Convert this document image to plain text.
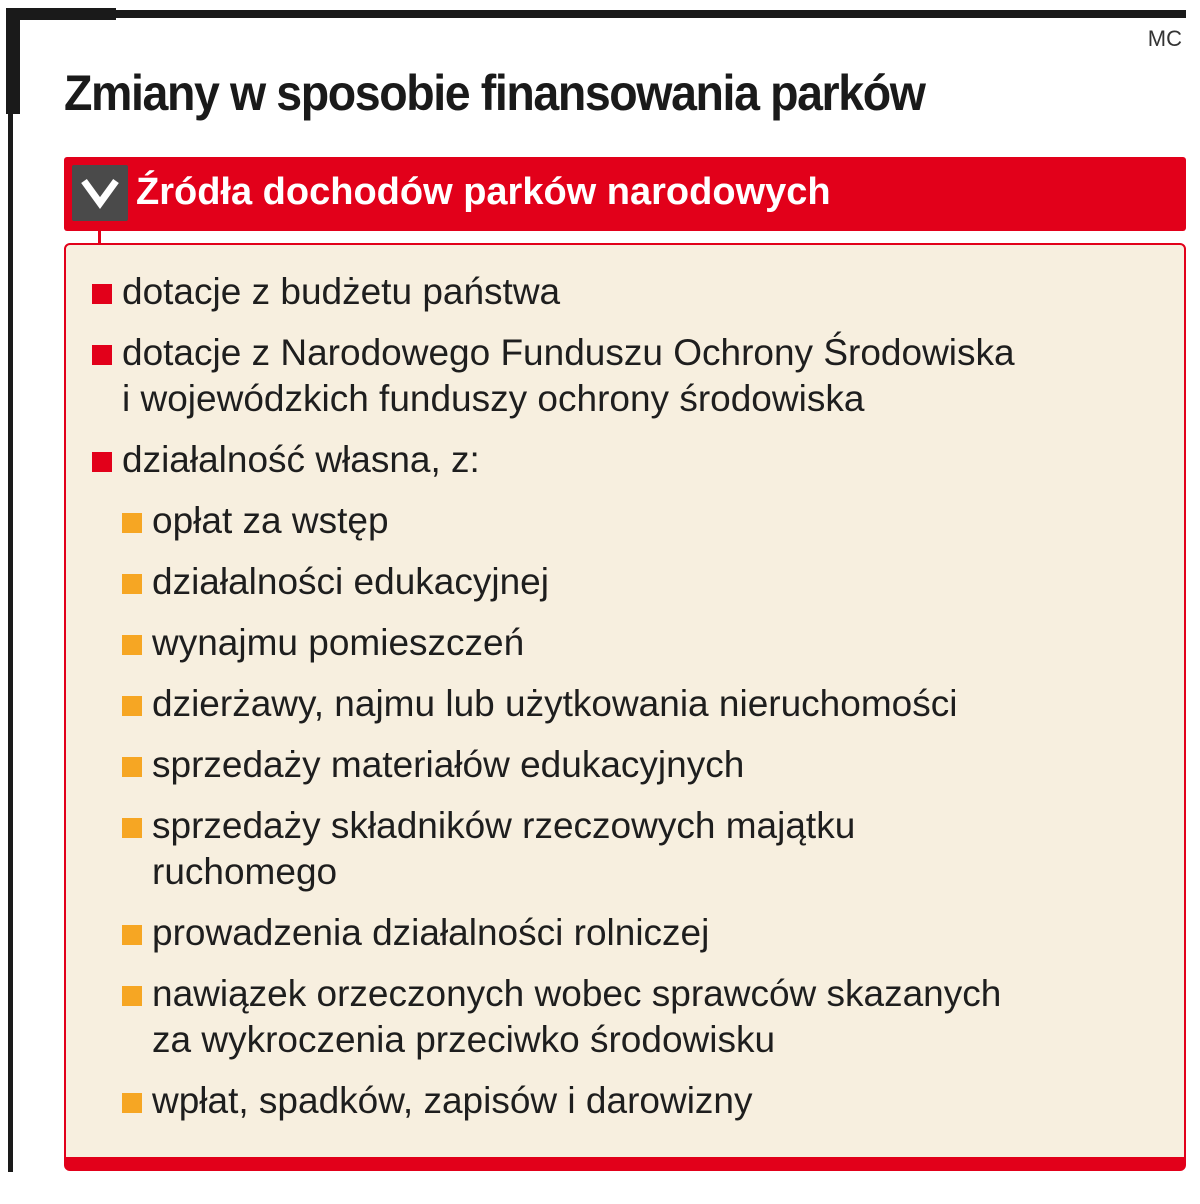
MC
Zmiany w sposobie finansowania parków
Źródła dochodów parków narodowych
dotacje z budżetu państwa
dotacje z Narodowego Funduszu Ochrony Środowiska
i wojewódzkich funduszy ochrony środowiska
działalność własna, z:
opłat za wstęp
działalności edukacyjnej
wynajmu pomieszczeń
dzierżawy, najmu lub użytkowania nieruchomości
sprzedaży materiałów edukacyjnych
sprzedaży składników rzeczowych majątku
ruchomego
prowadzenia działalności rolniczej
nawiązek orzeczonych wobec sprawców skazanych
za wykroczenia przeciwko środowisku
wpłat, spadków, zapisów i darowizny
